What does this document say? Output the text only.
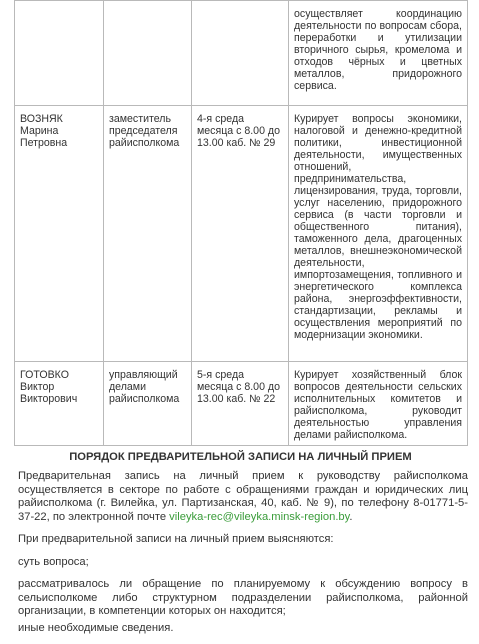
			осуществляет координацию деятельности по вопросам сбора, переработки и утилизации вторичного сырья, кромелома и отходов чёрных и цветных металлов, придорожного сервиса.
ВОЗНЯК Марина Петровна	заместитель председателя райисполкома	4-я среда месяца с 8.00 до 13.00 каб. № 29	Курирует вопросы экономики, налоговой и денежно-кредитной политики, инвестиционной деятельности, имущественных отношений, предпринимательства, лицензирования, труда, торговли, услуг населению, придорожного сервиса (в части торговли и общественного питания), таможенного дела, драгоценных металлов, внешнеэкономической деятельности, импортозамещения, топливного и энергетического комплекса района, энергоэффективности, стандартизации, рекламы и осуществления мероприятий по модернизации экономики.
ГОТОВКО Виктор Викторович	управляющий делами райисполкома	5-я среда месяца с 8.00 до 13.00 каб. № 22	Курирует хозяйственный блок вопросов деятельности сельских исполнительных комитетов и райисполкома, руководит деятельностью управления делами райисполкома.
ПОРЯДОК ПРЕДВАРИТЕЛЬНОЙ ЗАПИСИ НА ЛИЧНЫЙ ПРИЕМ

Предварительная запись на личный прием к руководству райисполкома осуществляется в секторе по работе с обращениями граждан и юридических лиц райисполкома (г. Вилейка, ул. Партизанская, 40, каб. № 9), по телефону 8-01771-5-37-22, по электронной почте vileyka-rec@vileyka.minsk-region.by.

При предварительной записи на личный прием выясняются:

суть вопроса;

рассматривалось ли обращение по планируемому к обсуждению вопросу в сельисполкоме либо структурном подразделении райисполкома, районной организации, в компетенции которых он находится;

иные необходимые сведения.
